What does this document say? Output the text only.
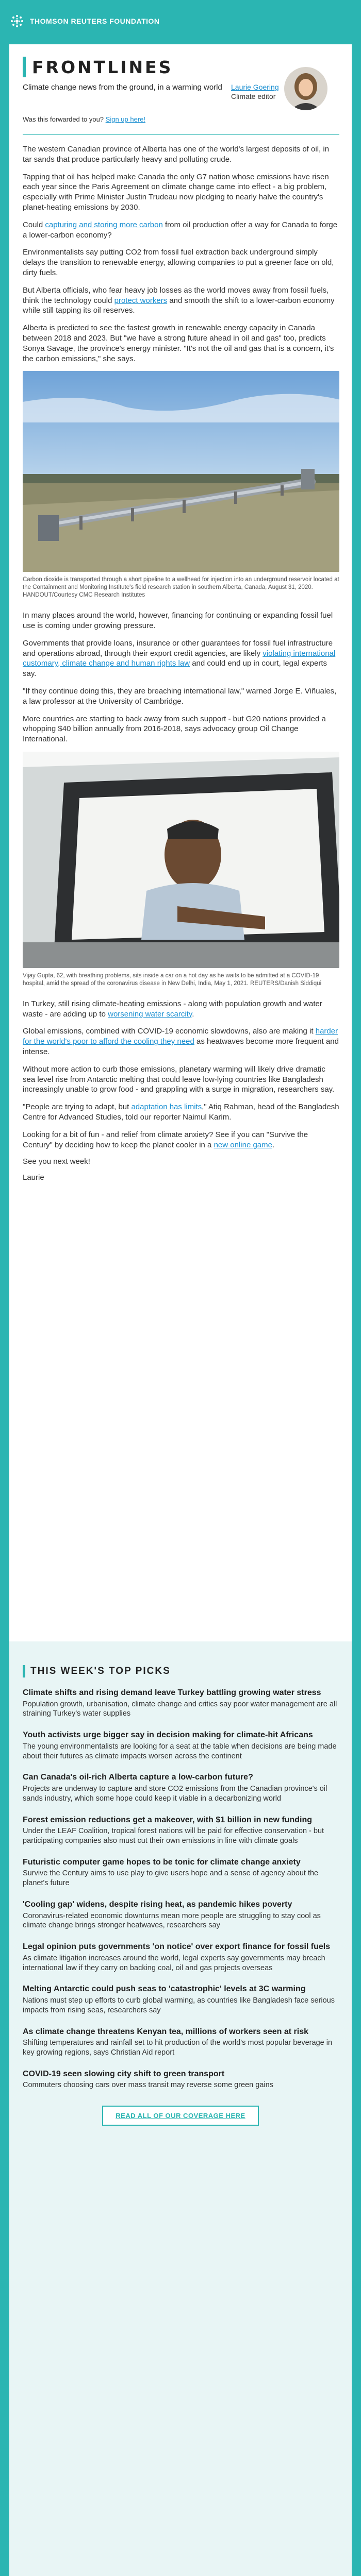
THOMSON REUTERS FOUNDATION
FRONTLINES
Climate change news from the ground, in a warming world	Laurie Goering
Climate editor
Was this forwarded to you? Sign up here!

The western Canadian province of Alberta has one of the world's largest deposits of oil, in tar sands that produce particularly heavy and polluting crude.

Tapping that oil has helped make Canada the only G7 nation whose emissions have risen each year since the Paris Agreement on climate change came into effect - a big problem, especially with Prime Minister Justin Trudeau now pledging to nearly halve the country's planet-heating emissions by 2030.

Could capturing and storing more carbon from oil production offer a way for Canada to forge a lower-carbon economy?

Environmentalists say putting CO2 from fossil fuel extraction back underground simply delays the transition to renewable energy, allowing companies to put a greener face on old, dirty fuels.

But Alberta officials, who fear heavy job losses as the world moves away from fossil fuels, think the technology could protect workers and smooth the shift to a lower-carbon economy while still tapping its oil reserves.

Alberta is predicted to see the fastest growth in renewable energy capacity in Canada between 2018 and 2023. But "we have a strong future ahead in oil and gas" too, predicts Sonya Savage, the province's energy minister. "It's not the oil and gas that is a concern, it's the carbon emissions," she says.

Carbon dioxide is transported through a short pipeline to a wellhead for injection into an underground reservoir located at the Containment and Monitoring Institute's field research station in southern Alberta, Canada, August 31, 2020. HANDOUT/Courtesy CMC Research Institutes

In many places around the world, however, financing for continuing or expanding fossil fuel use is coming under growing pressure.

Governments that provide loans, insurance or other guarantees for fossil fuel infrastructure and operations abroad, through their export credit agencies, are likely violating international customary, climate change and human rights law and could end up in court, legal experts say.

"If they continue doing this, they are breaching international law," warned Jorge E. Viñuales, a law professor at the University of Cambridge.

More countries are starting to back away from such support - but G20 nations provided a whopping $40 billion annually from 2016-2018, says advocacy group Oil Change International.

Vijay Gupta, 62, with breathing problems, sits inside a car on a hot day as he waits to be admitted at a COVID-19 hospital, amid the spread of the coronavirus disease in New Delhi, India, May 1, 2021. REUTERS/Danish Siddiqui

In Turkey, still rising climate-heating emissions - along with population growth and water waste - are adding up to worsening water scarcity.

Global emissions, combined with COVID-19 economic slowdowns, also are making it harder for the world's poor to afford the cooling they need as heatwaves become more frequent and intense.

Without more action to curb those emissions, planetary warming will likely drive dramatic sea level rise from Antarctic melting that could leave low-lying countries like Bangladesh increasingly unable to grow food - and grappling with a surge in migration, researchers say.

"People are trying to adapt, but adaptation has limits," Atiq Rahman, head of the Bangladesh Centre for Advanced Studies, told our reporter Naimul Karim.

Looking for a bit of fun - and relief from climate anxiety? See if you can "Survive the Century" by deciding how to keep the planet cooler in a new online game.

See you next week!

Laurie

THIS WEEK'S TOP PICKS
Climate shifts and rising demand leave Turkey battling growing water stress
Population growth, urbanisation, climate change and critics say poor water management are all straining Turkey's water supplies
Youth activists urge bigger say in decision making for climate-hit Africans
The young environmentalists are looking for a seat at the table when decisions are being made about their futures as climate impacts worsen across the continent
Can Canada's oil-rich Alberta capture a low-carbon future?
Projects are underway to capture and store CO2 emissions from the Canadian province's oil sands industry, which some hope could keep it viable in a decarbonizing world
Forest emission reductions get a makeover, with $1 billion in new funding
Under the LEAF Coalition, tropical forest nations will be paid for effective conservation - but participating companies also must cut their own emissions in line with climate goals
Futuristic computer game hopes to be tonic for climate change anxiety
Survive the Century aims to use play to give users hope and a sense of agency about the planet's future
'Cooling gap' widens, despite rising heat, as pandemic hikes poverty
Coronavirus-related economic downturns mean more people are struggling to stay cool as climate change brings stronger heatwaves, researchers say
Legal opinion puts governments 'on notice' over export finance for fossil fuels
As climate litigation increases around the world, legal experts say governments may breach international law if they carry on backing coal, oil and gas projects overseas
Melting Antarctic could push seas to 'catastrophic' levels at 3C warming
Nations must step up efforts to curb global warming, as countries like Bangladesh face serious impacts from rising seas, researchers say
As climate change threatens Kenyan tea, millions of workers seen at risk
Shifting temperatures and rainfall set to hit production of the world's most popular beverage in key growing regions, says Christian Aid report
COVID-19 seen slowing city shift to green transport
Commuters choosing cars over mass transit may reverse some green gains
READ ALL OF OUR COVERAGE HERE
